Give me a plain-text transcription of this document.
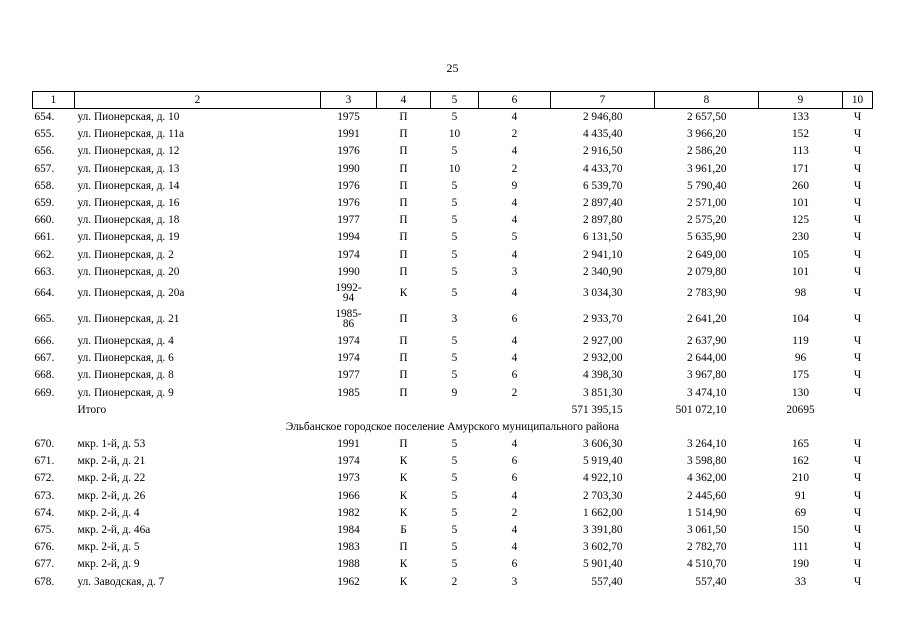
25
1	2	3	4	5	6	7	8	9	10
654.	ул. Пионерская, д. 10	1975	П	5	4	2 946,80	2 657,50	133	Ч
655.	ул. Пионерская, д. 11а	1991	П	10	2	4 435,40	3 966,20	152	Ч
656.	ул. Пионерская, д. 12	1976	П	5	4	2 916,50	2 586,20	113	Ч
657.	ул. Пионерская, д. 13	1990	П	10	2	4 433,70	3 961,20	171	Ч
658.	ул. Пионерская, д. 14	1976	П	5	9	6 539,70	5 790,40	260	Ч
659.	ул. Пионерская, д. 16	1976	П	5	4	2 897,40	2 571,00	101	Ч
660.	ул. Пионерская, д. 18	1977	П	5	4	2 897,80	2 575,20	125	Ч
661.	ул. Пионерская, д. 19	1994	П	5	5	6 131,50	5 635,90	230	Ч
662.	ул. Пионерская, д. 2	1974	П	5	4	2 941,10	2 649,00	105	Ч
663.	ул. Пионерская, д. 20	1990	П	5	3	2 340,90	2 079,80	101	Ч
664.	ул. Пионерская, д. 20а	1992-
94	К	5	4	3 034,30	2 783,90	98	Ч
665.	ул. Пионерская, д. 21	1985-
86	П	3	6	2 933,70	2 641,20	104	Ч
666.	ул. Пионерская, д. 4	1974	П	5	4	2 927,00	2 637,90	119	Ч
667.	ул. Пионерская, д. 6	1974	П	5	4	2 932,00	2 644,00	96	Ч
668.	ул. Пионерская, д. 8	1977	П	5	6	4 398,30	3 967,80	175	Ч
669.	ул. Пионерская, д. 9	1985	П	9	2	3 851,30	3 474,10	130	Ч
	Итого					571 395,15	501 072,10	20695	
Эльбанское городское поселение Амурского муниципального района									
670.	мкр. 1-й, д. 53	1991	П	5	4	3 606,30	3 264,10	165	Ч
671.	мкр. 2-й, д. 21	1974	К	5	6	5 919,40	3 598,80	162	Ч
672.	мкр. 2-й, д. 22	1973	К	5	6	4 922,10	4 362,00	210	Ч
673.	мкр. 2-й, д. 26	1966	К	5	4	2 703,30	2 445,60	91	Ч
674.	мкр. 2-й, д. 4	1982	К	5	2	1 662,00	1 514,90	69	Ч
675.	мкр. 2-й, д. 46а	1984	Б	5	4	3 391,80	3 061,50	150	Ч
676.	мкр. 2-й, д. 5	1983	П	5	4	3 602,70	2 782,70	111	Ч
677.	мкр. 2-й, д. 9	1988	К	5	6	5 901,40	4 510,70	190	Ч
678.	ул. Заводская, д. 7	1962	К	2	3	557,40	557,40	33	Ч
